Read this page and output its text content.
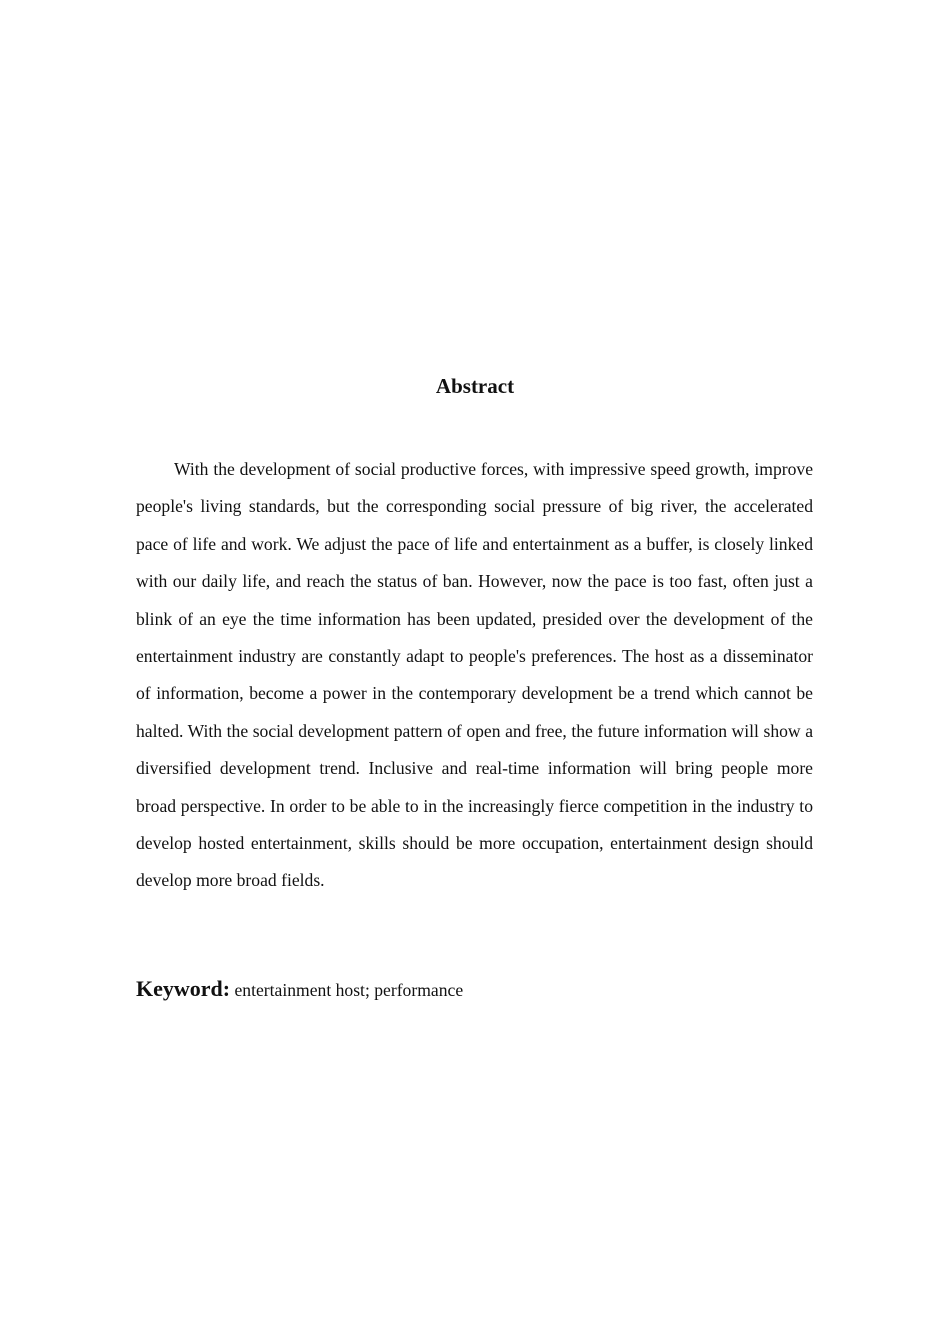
Abstract

With the development of social productive forces, with impressive speed growth, improve people's living standards, but the corresponding social pressure of big river, the accelerated pace of life and work. We adjust the pace of life and entertainment as a buffer, is closely linked with our daily life, and reach the status of ban. However, now the pace is too fast, often just a blink of an eye the time information has been updated, presided over the development of the entertainment industry are constantly adapt to people's preferences. The host as a disseminator of information, become a power in the contemporary development be a trend which cannot be halted. With the social development pattern of open and free, the future information will show a diversified development trend. Inclusive and real-time information will bring people more broad perspective. In order to be able to in the increasingly fierce competition in the industry to develop hosted entertainment, skills should be more occupation, entertainment design should develop more broad fields.

Keyword: entertainment host; performance
